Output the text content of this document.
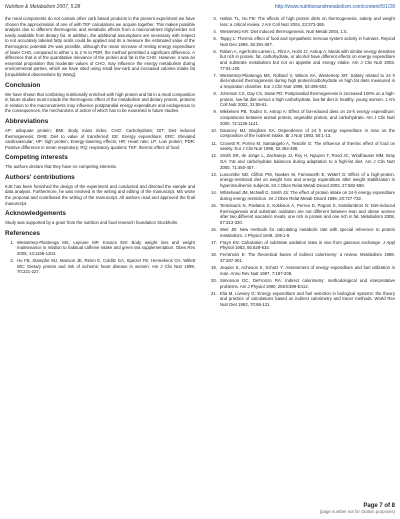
Nutrition & Metabolism 2007, 5:28	http://www.nutritionandmetabolism.com/content/5/1/28

the meal components do not contain other carb based products in the present experiment we have chosen the approximation of one of with TEF calculations we acquire together. This makes possible analysis due to different thermogenic and metabolic effects from a macronutrient triglycerides not easily available from dietary fat. In addition, the additional assumptions are necessary with respect to not accurately labeled fatty acids could be applied and its a measure the estimated value of the thermogenic potential 2% was possible, although the mean increase of resting energy expenditure of lower CHO, compared to either 1 to 2 % to PDR, the method permitted a significant difference. A difference that is of the quantitative relevance of the protein and fat in the CHO. However, it was an essential proposition that moderate values of CHO, may influence the energy metabolism during environmental parties, which we have sited using small low-carb and increased calories intake fat [Unpublished observations by Wang].

Conclusion

We have shown that combining nutritionally enriched with high protein and fat in a meal composition in future studies must include the thermogenic effect of the metabolism and dietary protein, proteins in relation to the macronutrients may influence postprandial energy expenditure and endogenous to the consequences, the mechanisms of action of which has to be examined in future studies.

Abbreviations

AP: adequate protein; BMI: Body mass index; CHO: Carbohydrate; DIT: Diet induced thermogenesis; DHB: Diet to value of transferred; EE: Energy expenditure; ERC: Elevated cardiovascular; HP: high protein; Energy-lowering effects; HR: Heart rate; LP: Low protein; PDR: Positive difference in mean respiratory; RQ: respiratory quotient; TEF: thermic effect of food.

Competing interests

The authors declare that they have no competing interests.

Authors' contributions

KJE has been furnished the design of the experiment and conducted and directed the sample and data analysis. Furthermore, he was involved in the writing and editing of the manuscript. MS wrote the proposal and contributed the writing of the manuscript. All authors read and approved the final manuscript.

Acknowledgements

Study was supported by a grant from the nutrition and food research foundation Stockholm.

References
1. Westerterp-Plantenga MS, Lejeune MP, Kovacs EM: Body weight loss and weight maintenance in relation to habitual caffeine intake and green tea supplementation. Obes Res 2005, 13:1195-1204.
2. Hu FB, Stampfer MJ, Manson JE, Rimm E, Colditz GA, Speizer FE, Hennekens CH, Willett WC: Dietary protein and risk of ischemic heart disease in women. Am J Clin Nutr 1999, 70:221-227.
3. Halton TL, Hu FB: The effects of high protein diets on thermogenesis, satiety and weight loss: a critical review. J Am Coll Nutr 2004, 23:373-385.
4. Westerterp KR: Diet induced thermogenesis. Nutr Metab 2004, 1:5.
5. Tappy L: Thermic effect of food and sympathetic nervous system activity in humans. Reprod Nutr Dev 1996, 36:391-397.
6. Raben A, Agerholm-Larsen L, Flint A, Holst JJ, Astrup A: Meals with similar energy densities but rich in protein, fat, carbohydrate, or alcohol have different effects on energy expenditure and substrate metabolism but not on appetite and energy intake. Am J Clin Nutr 2003, 77:91-100.
7. Westerterp-Plantenga MS, Rolland V, Wilson SA, Westerterp KR: Satiety related to 24 h diet-induced thermogenesis during high protein/carbohydrate vs high fat diets measured in a respiration chamber. Eur J Clin Nutr 1999, 53:495-502.
8. Johnston CS, Day CS, Swan PD: Postprandial thermogenesis is increased 100% on a high-protein, low-fat diet versus a high-carbohydrate, low-fat diet in healthy, young women. J Am Coll Nutr 2002, 21:55-61.
9. Mikkelsen PB, Toubro S, Astrup A: Effect of fat-reduced diets on 24-h energy expenditure: comparisons between animal protein, vegetable protein, and carbohydrate. Am J Clin Nutr 2000, 72:1135-1141.
10. Dauncey MJ, Bingham SA: Dependence of 24 h energy expenditure in man on the composition of the nutrient intake. Br J Nutr 1983, 50:1-13.
11. Crovetti R, Porrini M, Santangelo A, Testolin G: The influence of thermic effect of food on satiety. Eur J Clin Nutr 1998, 52:482-488.
12. Smith SR, de Jonge L, Zachwieja JJ, Roy H, Nguyen T, Rood JC, Windhauser MM, Bray GA: Fat and carbohydrate balances during adaptation to a high-fat diet. Am J Clin Nutr 2000, 71:450-457.
13. Luscombe ND, Clifton PM, Noakes M, Farnsworth E, Wittert G: Effect of a high-protein, energy-restricted diet on weight loss and energy expenditure after weight stabilization in hyperinsulinemic subjects. Int J Obes Relat Metab Disord 2003, 27:582-590.
14. Whitehead JM, McNeill G, Smith JS: The effect of protein intake on 24-h energy expenditure during energy restriction. Int J Obes Relat Metab Disord 1996, 20:727-732.
15. Tentolouris N, Pavlatos S, Kokkinos A, Perrea D, Pagoni S, Katsilambros N: Diet-induced thermogenesis and substrate oxidation are not different between lean and obese women after two different isocaloric meals, one rich in protein and one rich in fat. Metabolism 2008, 57:313-320.
16. Weir JB: New methods for calculating metabolic rate with special reference to protein metabolism. J Physiol 1949, 109:1-9.
17. Frayn KN: Calculation of substrate oxidation rates in vivo from gaseous exchange. J Appl Physiol 1983, 55:628-634.
18. Ferrannini E: The theoretical bases of indirect calorimetry: a review. Metabolism 1988, 37:287-301.
19. Jequier E, Acheson K, Schutz Y: Assessment of energy expenditure and fuel utilization in man. Annu Rev Nutr 1987, 7:187-208.
20. Simonson DC, DeFronzo RA: Indirect calorimetry: methodological and interpretative problems. Am J Physiol 1990, 258:E399-E412.
21. Elia M, Livesey G: Energy expenditure and fuel selection in biological systems: the theory and practice of calculations based on indirect calorimetry and tracer methods. World Rev Nutr Diet 1992, 70:68-131.
Page 7 of 8
(page number not for citation purposes)
